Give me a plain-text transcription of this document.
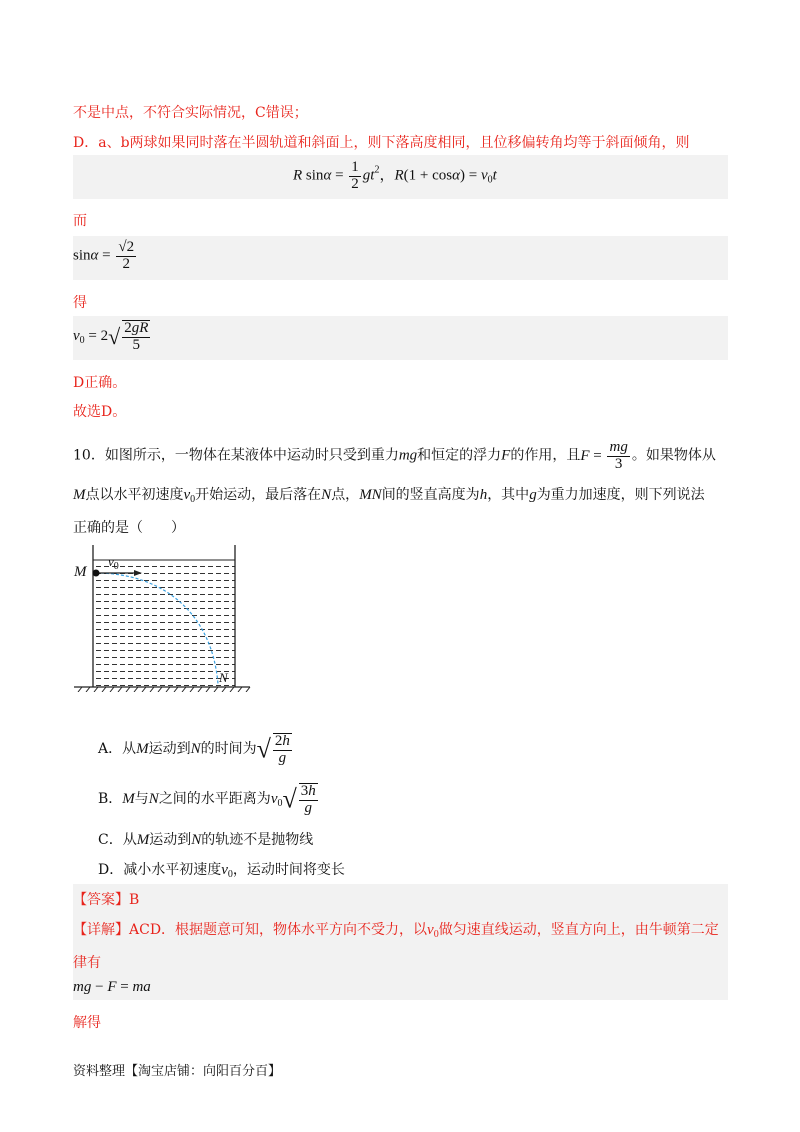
不是中点，不符合实际情况，C错误；
D．a、b两球如果同时落在半圆轨道和斜面上，则下落高度相同，且位移偏转角均等于斜面倾角，则
R $\sin\alpha = \frac{1}{2} gt^2$，$R(1 + \cos\alpha) = v_0t$
而
$\sin\alpha = \frac{√2}{2}$
得
$v_0 = 2√ \frac{2gR}{5}$
D正确。
故选D。
10．如图所示，一物体在某液体中运动时只受到重力mg和恒定的浮力F的作用，且$F = \frac{mg}{3}$ 。如果物体从
M点以水平初速度$v_0$开始运动，最后落在N点，MN间的竖直高度为h，其中g为重力加速度，则下列说法
正确的是（　　）
M
N
$v_0$
A．从M运动到N的时间为√ $\frac{2h}{g}$
B．M与N之间的水平距离为$v_0√ \frac{3h}{g}$
C．从M运动到N的轨迹不是抛物线
D．减小水平初速度$v_0$，运动时间将变长
【答案】B
【详解】ACD．根据题意可知，物体水平方向不受力，以$v_0$做匀速直线运动，竖直方向上，由牛顿第二定
律有
mg − F = ma
解得
资料整理【淘宝店铺：向阳百分百】
